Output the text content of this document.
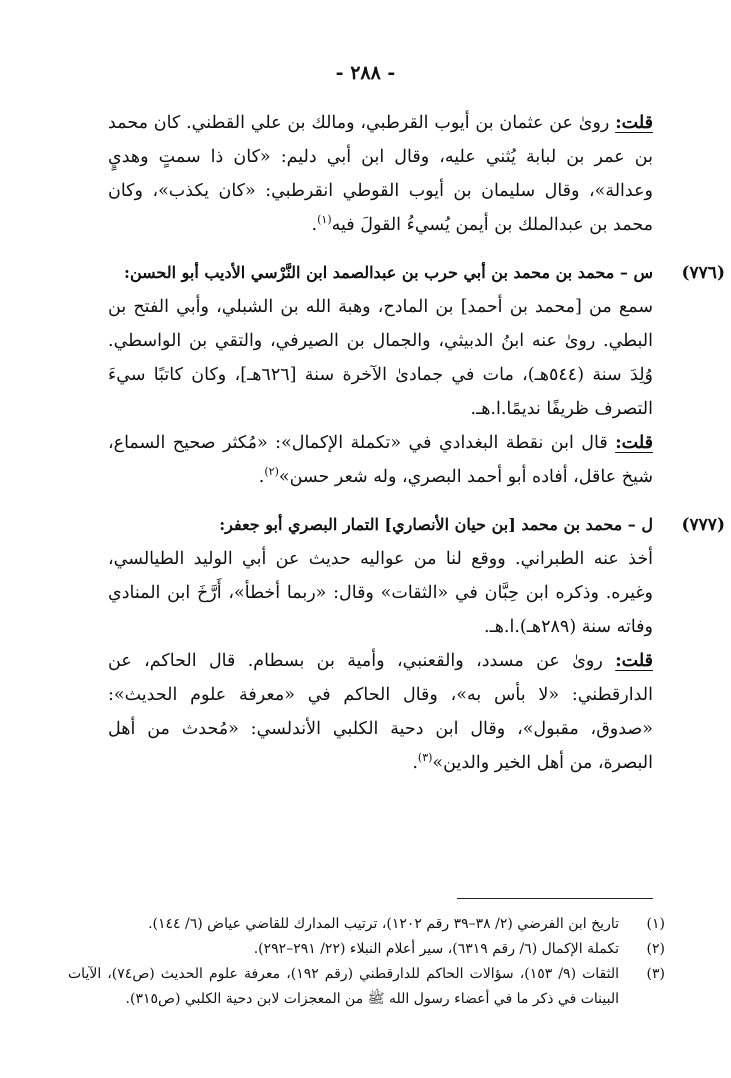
- ٢٨٨ -

قلت: روىٰ عن عثمان بن أيوب القرطبي، ومالك بن علي القطني. كان محمد بن عمر بن لبابة يُثني عليه، وقال ابن أبي دليم: «كان ذا سمتٍ وهديٍ وعدالة»، وقال سليمان بن أيوب القوطي انقرطبي: «كان يكذب»، وكان محمد بن عبدالملك بن أيمن يُسيءُ القولَ فيه$^{(١)}$.

(٧٧٦)
س – محمد بن محمد بن أبي حرب بن عبدالصمد ابن النَّرْسي الأديب أبو الحسن:

سمع من [محمد بن أحمد] بن المادح، وهبة الله بن الشبلي، وأبي الفتح بن البطي. روىٰ عنه ابنُ الدبيثي، والجمال بن الصيرفي، والتقي بن الواسطي. وُلِدَ سنة (٥٤٤هـ)، مات في جمادىٰ الآخرة سنة [٦٢٦هـ]، وكان كاتبًا سيءَ التصرف ظريفًا نديمًا.ا.هـ.

قلت: قال ابن نقطة البغدادي في «تكملة الإكمال»: «مُكثر صحيح السماع، شيخ عاقل، أفاده أبو أحمد البصري، وله شعر حسن»$^{(٢)}$.

(٧٧٧)
ل – محمد بن محمد [بن حيان الأنصاري] التمار البصري أبو جعفر:

أخذ عنه الطبراني. ووقع لنا من عواليه حديث عن أبي الوليد الطيالسي، وغيره. وذكره ابن حِبَّان في «الثقات» وقال: «ربما أخطأ»، أَرَّخَ ابن المنادي وفاته سنة (٢٨٩هـ).ا.هـ.

قلت: روىٰ عن مسدد، والقعنبي، وأمية بن بسطام. قال الحاكم، عن الدارقطني: «لا بأس به»، وقال الحاكم في «معرفة علوم الحديث»: «صدوق، مقبول»، وقال ابن دحية الكلبي الأندلسي: «مُحدث من أهل البصرة، من أهل الخير والدين»$^{(٣)}$.

(١)
تاريخ ابن الفرضي (٢/ ٣٨–٣٩ رقم ١٢٠٢)، ترتيب المدارك للقاضي عياض (٦/ ١٤٤).

(٢)
تكملة الإكمال (٦/ رقم ٦٣١٩)، سير أعلام النبلاء (٢٢/ ٢٩١–٢٩٢).

(٣)
الثقات (٩/ ١٥٣)، سؤالات الحاكم للدارقطني (رقم ١٩٢)، معرفة علوم الحديث (ص٧٤)، الآيات البينات في ذكر ما في أعضاء رسول الله ﷺ من المعجزات لابن دحية الكلبي (ص٣١٥).
